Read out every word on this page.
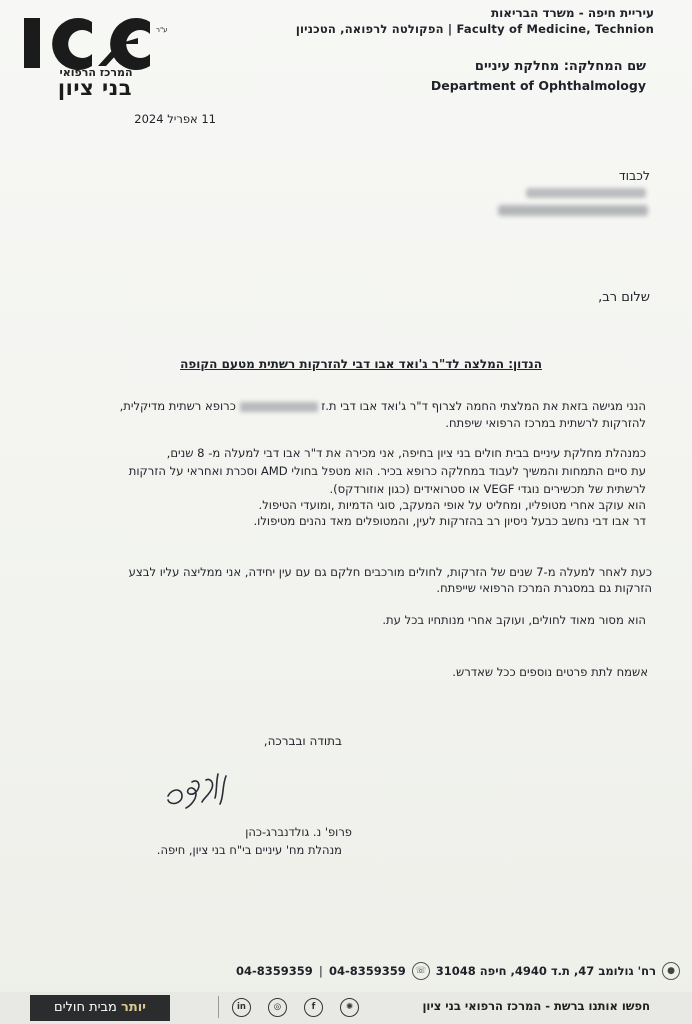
ע"ר
המרכז הרפואי
בני ציון
עיריית חיפה - משרד הבריאות
Faculty of Medicine, Technion | הפקולטה לרפואה, הטכניון
שם המחלקה: מחלקת עיניים
Department of Ophthalmology
11 אפריל 2024
לכבוד
שלום רב,
הנדון: המלצה לד"ר ג'ואד אבו דבי להזרקות רשתית מטעם הקופה
הנני מגישה בזאת את המלצתי החמה לצרוף ד"ר ג'ואד אבו דבי ת.ז  כרופא רשתית מדיקלית,
להזרקות לרשתית במרכז הרפואי שיפתח.
כמנהלת מחלקת עיניים בבית חולים בני ציון בחיפה, אני מכירה את ד"ר אבו דבי למעלה מ- 8 שנים,
עת סיים התמחות והמשיך לעבוד במחלקה כרופא בכיר. הוא מטפל בחולי AMD וסכרת ואחראי על הזרקות
לרשתית של תכשירים נוגדי VEGF או סטרואידים (כגון אוזורדקס).
הוא עוקב אחרי מטופליו, ומחליט על אופי המעקב, סוגי הדמיות ,ומועדי הטיפול.
דר אבו דבי נחשב כבעל ניסיון רב בהזרקות לעין, והמטופלים מאד נהנים מטיפולו.
כעת לאחר למעלה מ-7 שנים של הזרקות, לחולים מורכבים חלקם גם עם עין יחידה, אני ממליצה עליו לבצע
הזרקות גם במסגרת המרכז הרפואי שייפתח.
הוא מסור מאוד לחולים, ועוקב אחרי מנותחיו בכל עת.
אשמח לתת פרטים נוספים ככל שאדרש.
בתודה ובברכה,
פרופ' נ. גולדנברג-כהן
מנהלת מח' עיניים בי"ח בני ציון, חיפה.
●
רח' גולומב 47, ת.ד 4940, חיפה 31048
☏
04-8359359
|
04-8359359
יותר מבית חולים	in	◎	f	✺	חפשו אותנו ברשת - המרכז הרפואי בני ציון
